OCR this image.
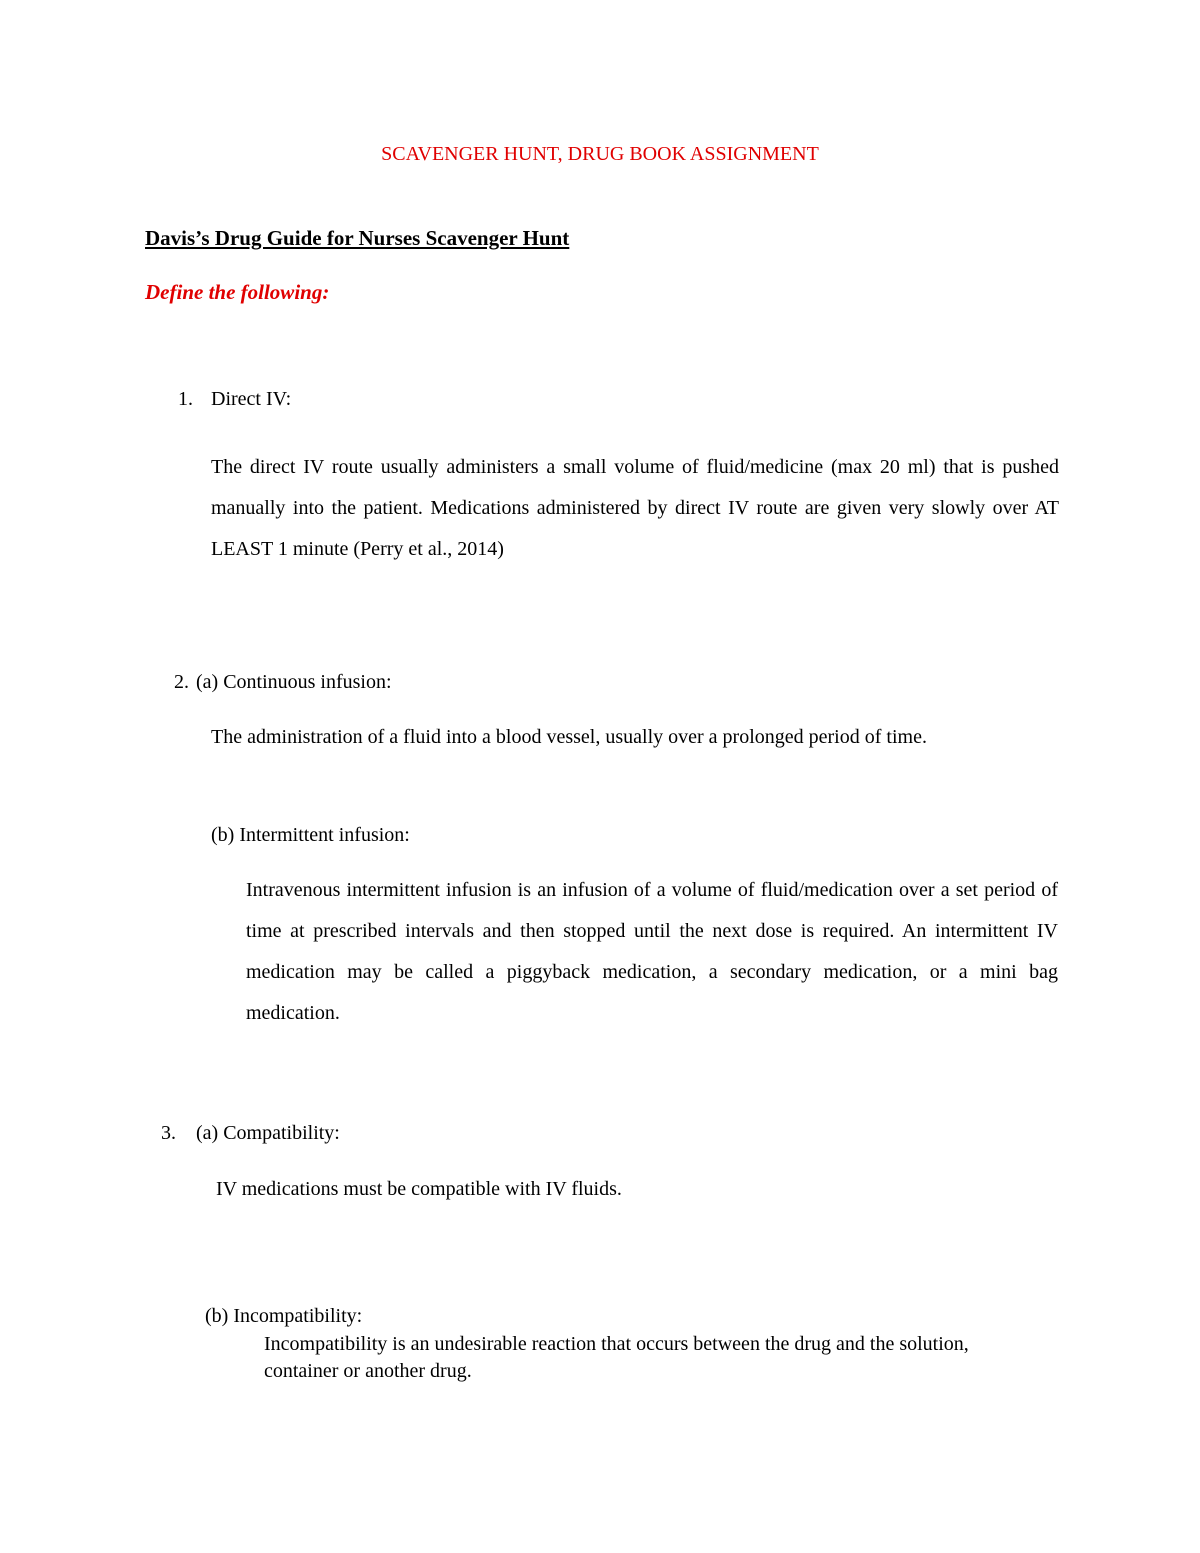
SCAVENGER HUNT, DRUG BOOK ASSIGNMENT
Davis’s Drug Guide for Nurses Scavenger Hunt
Define the following:
1. Direct IV:

The direct IV route usually administers a small volume of fluid/medicine (max 20 ml) that is pushed manually into the patient. Medications administered by direct IV route are given very slowly over AT LEAST 1 minute (Perry et al., 2014)

2. (a) Continuous infusion:

The administration of a fluid into a blood vessel, usually over a prolonged period of time.

(b) Intermittent infusion:

Intravenous intermittent infusion is an infusion of a volume of fluid/medication over a set period of time at prescribed intervals and then stopped until the next dose is required. An intermittent IV medication may be called a piggyback medication, a secondary medication, or a mini bag medication.

3. (a) Compatibility:

IV medications must be compatible with IV fluids.

(b) Incompatibility:

Incompatibility is an undesirable reaction that occurs between the drug and the solution, container or another drug.
